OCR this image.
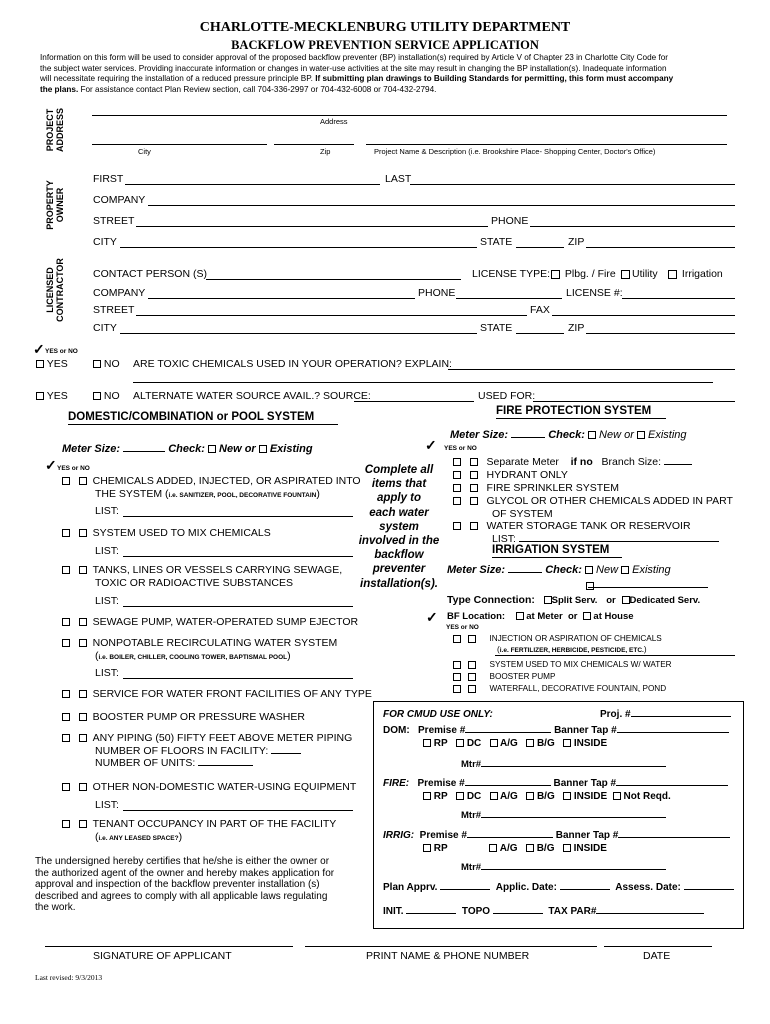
CHARLOTTE-MECKLENBURG UTILITY DEPARTMENT
BACKFLOW PREVENTION SERVICE APPLICATION
Information on this form will be used to consider approval of the proposed backflow preventer (BP) installation(s) required by Article V of Chapter 23 in Charlotte City Code for
the subject water services. Providing inaccurate information or changes in water-use activities at the site may result in changing the BP installation(s). Inadequate information
will necessitate requiring the installation of a reduced pressure principle BP. If submitting plan drawings to Building Standards for permitting, this form must accompany
the plans. For assistance contact Plan Review section, call 704-336-2997 or 704-432-6008 or 704-432-2794.
PROJECT ADDRESS	Address
City	Zip	Project Name & Description (i.e. Brookshire Place- Shopping Center, Doctor's Office)
PROPERTY OWNER
FIRST	LAST
COMPANY
STREET	PHONE
CITY	STATE	ZIP
LICENSED CONTRACTOR	CONTACT PERSON (S)	LICENSE TYPE:	Plbg. / Fire	Utility	Irrigation
COMPANY	PHONE	LICENSE #:
STREET	FAX
CITY	STATE	ZIP
✓ YES or NO
YES	NO ARE TOXIC CHEMICALS USED IN YOUR OPERATION? EXPLAIN:
YES	NO ALTERNATE WATER SOURCE AVAIL.? SOURCE:	USED FOR:
DOMESTIC/COMBINATION or POOL SYSTEM
Meter Size:	Check: New or Existing
✓ YES or NO
CHEMICALS ADDED, INJECTED, OR ASPIRATED INTO
THE SYSTEM (i.e. SANITIZER, POOL, DECORATIVE FOUNTAIN)
LIST:
SYSTEM USED TO MIX CHEMICALS
LIST:
TANKS, LINES OR VESSELS CARRYING SEWAGE,
TOXIC OR RADIOACTIVE SUBSTANCES
LIST:
SEWAGE PUMP, WATER-OPERATED SUMP EJECTOR
NONPOTABLE RECIRCULATING WATER SYSTEM
(i.e. BOILER, CHILLER, COOLING TOWER, BAPTISMAL POOL)
LIST:
SERVICE FOR WATER FRONT FACILITIES OF ANY TYPE
BOOSTER PUMP OR PRESSURE WASHER
ANY PIPING (50) FIFTY FEET ABOVE METER PIPING
NUMBER OF FLOORS IN FACILITY:
NUMBER OF UNITS:
OTHER NON-DOMESTIC WATER-USING EQUIPMENT
LIST:
TENANT OCCUPANCY IN PART OF THE FACILITY
(i.e. ANY LEASED SPACE?)
Complete all
items that
apply to
each water
system
involved in the
backflow
preventer
installation(s).
FIRE PROTECTION SYSTEM
Meter Size:	Check: New or Existing
✓ YES or NO
Separate Meter if no Branch Size:
HYDRANT ONLY
FIRE SPRINKLER SYSTEM
GLYCOL OR OTHER CHEMICALS ADDED IN PART
OF SYSTEM
WATER STORAGE TANK OR RESERVOIR
LIST:
IRRIGATION SYSTEM
Meter Size:	Check: New Existing
Type Connection: Split Serv. or Dedicated Serv.
✓ BF Location: at Meter or at House
YES or NO
INJECTION OR ASPIRATION OF CHEMICALS
(i.e. FERTILIZER, HERBICIDE, PESTICIDE, ETC.)
SYSTEM USED TO MIX CHEMICALS W/ WATER
BOOSTER PUMP
WATERFALL, DECORATIVE FOUNTAIN, POND
FOR CMUD USE ONLY:	Proj. #
DOM: Premise #	Banner Tap #
RP DC A/G B/G INSIDE
Mtr#
FIRE: Premise #	Banner Tap #
RP DC A/G B/G INSIDE Not Reqd.
Mtr#
IRRIG: Premise #	Banner Tap #
RP	A/G B/G INSIDE
Mtr#
Plan Apprv.	Applic. Date:	Assess. Date:
INIT.	TOPO	TAX PAR#
The undersigned hereby certifies that he/she is either the owner or
the authorized agent of the owner and hereby makes application for
approval and inspection of the backflow preventer installation (s)
described and agrees to comply with all applicable laws regulating
the work.
SIGNATURE OF APPLICANT	PRINT NAME & PHONE NUMBER	DATE
Last revised: 9/3/2013
